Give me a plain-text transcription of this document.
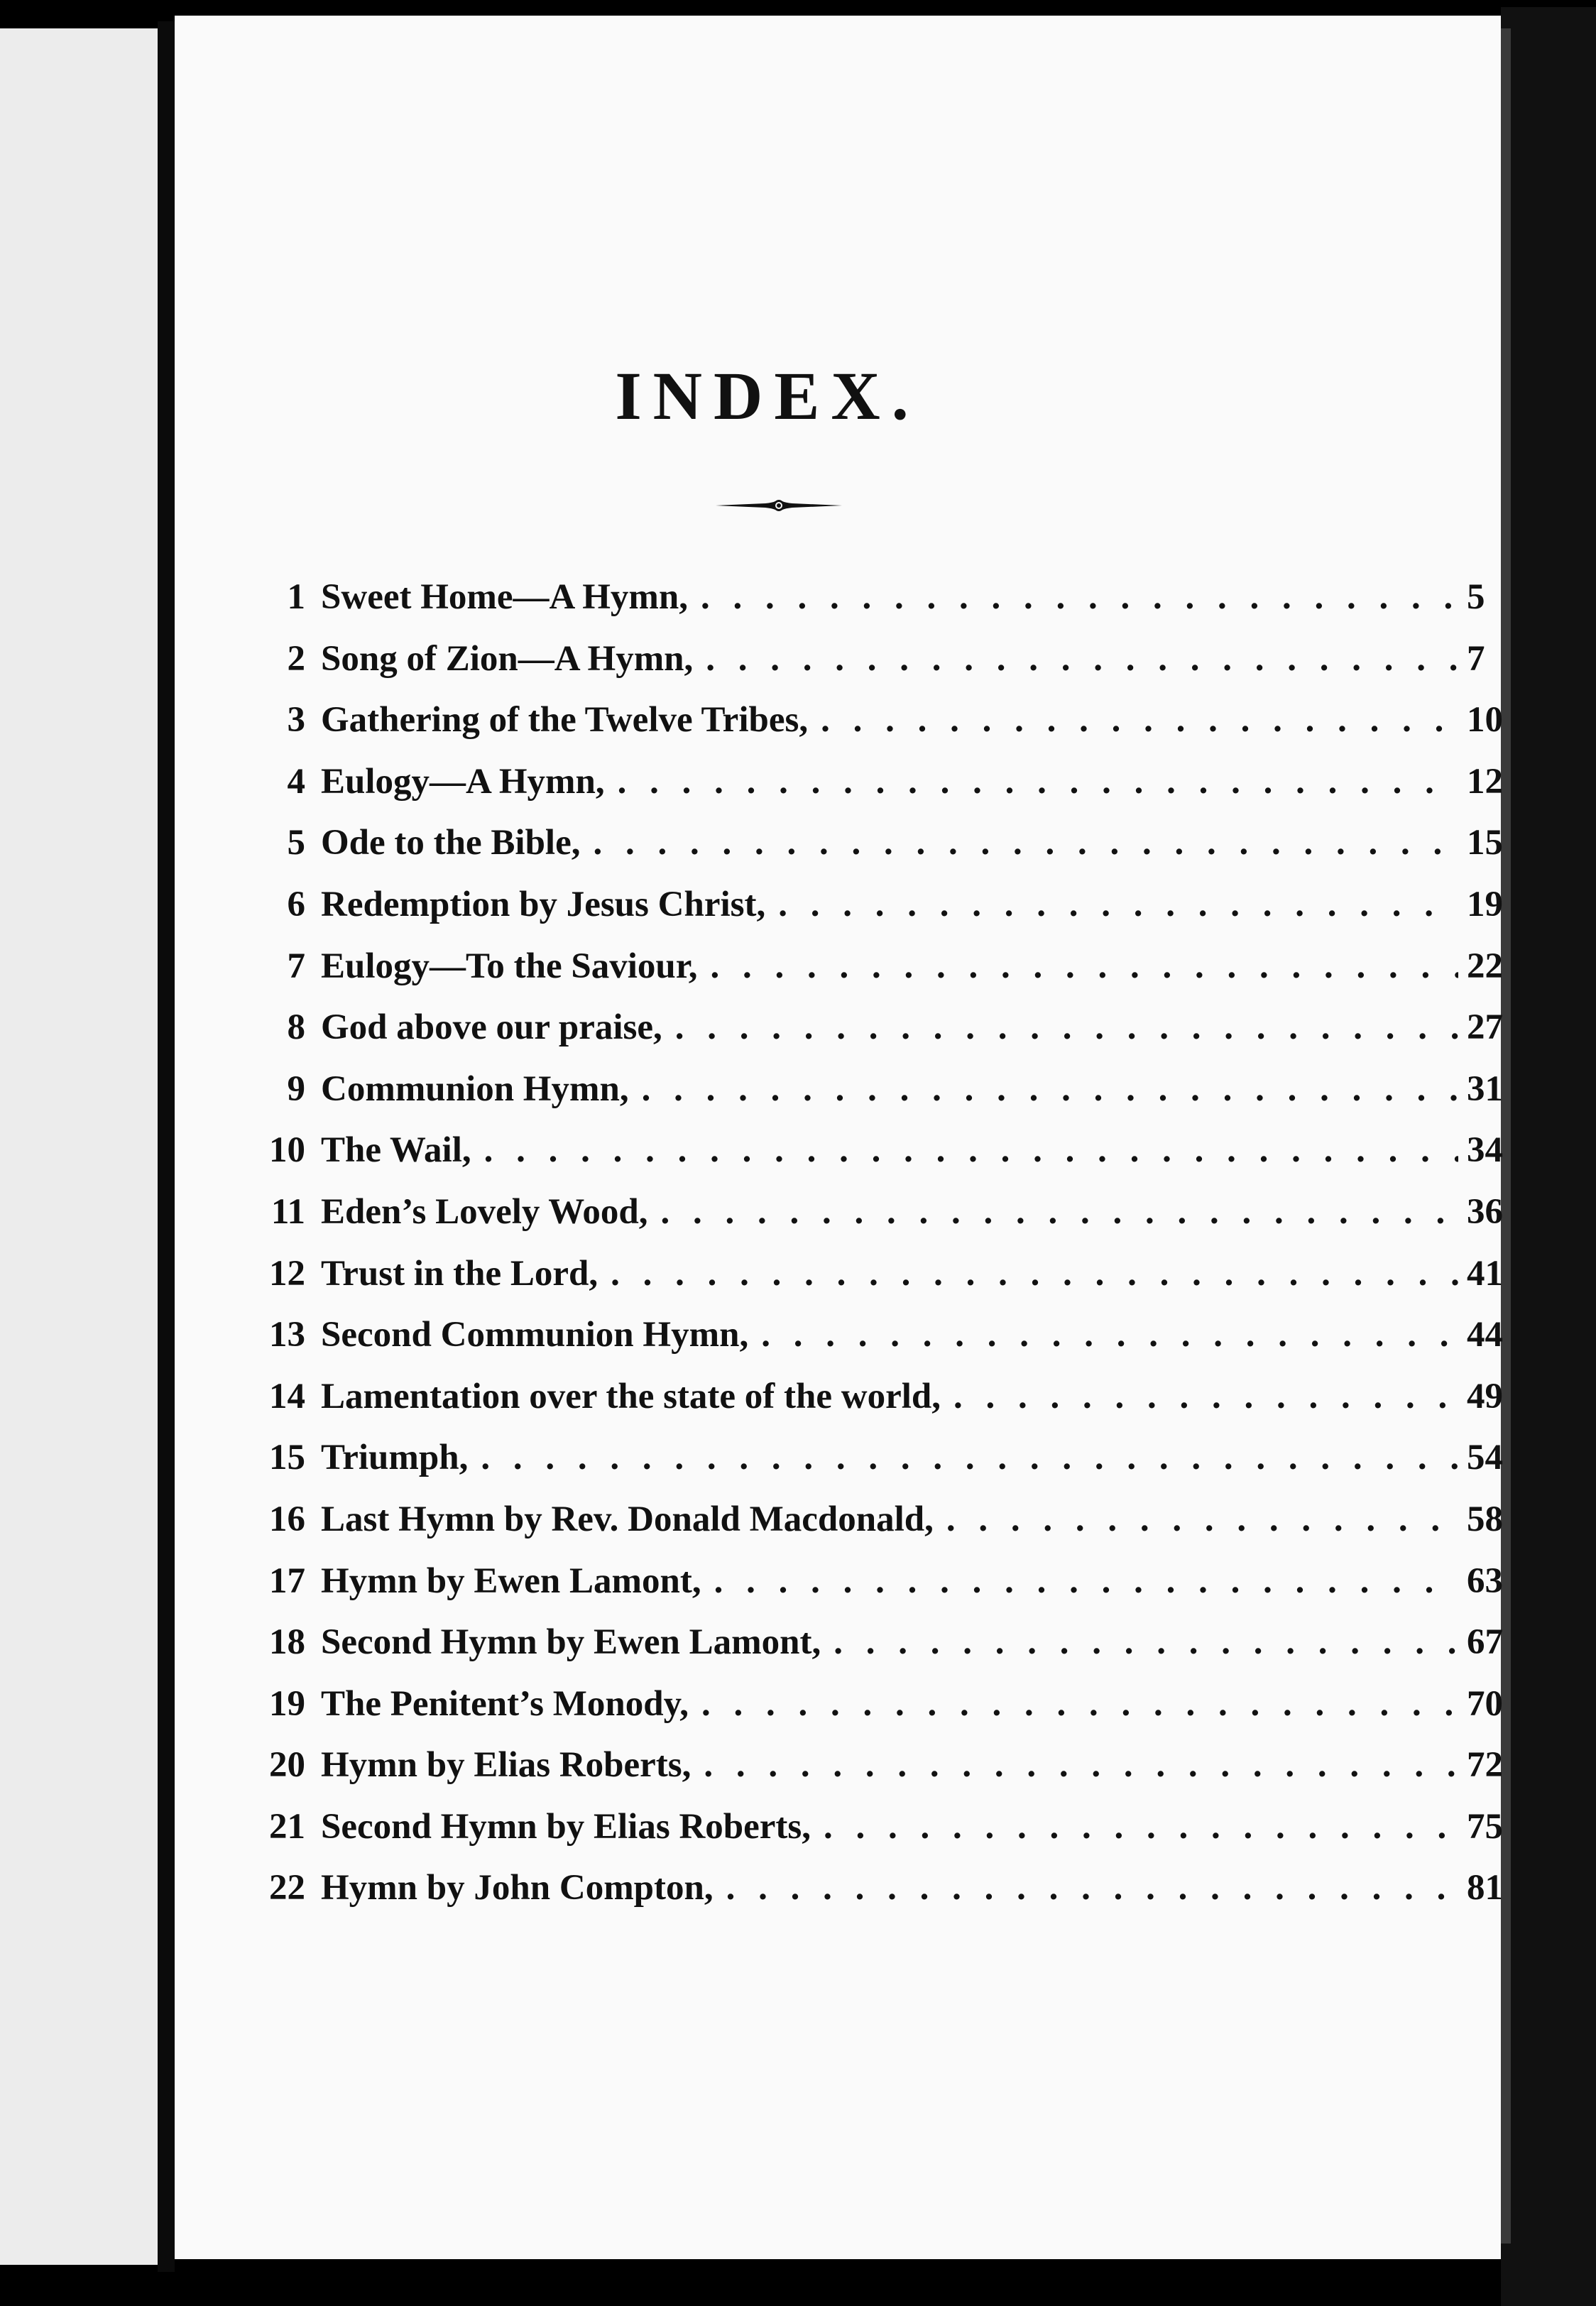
INDEX.
1 Sweet Home—A Hymn, . . .	5
2 Song of Zion—A Hymn, . . .	7
3 Gathering of the Twelve Tribes, . . .	10
4 Eulogy—A Hymn, . . .	12
5 Ode to the Bible, . . .	15
6 Redemption by Jesus Christ, . . .	19
7 Eulogy—To the Saviour, . . .	22
8 God above our praise, . . .	27
9 Communion Hymn, . . .	31
10 The Wail, . . .	34
11 Eden’s Lovely Wood, . . .	36
12 Trust in the Lord, . . .	41
13 Second Communion Hymn, . . .	44
14 Lamentation over the state of the world, . . .	49
15 Triumph, . . .	54
16 Last Hymn by Rev. Donald Macdonald, . . .	58
17 Hymn by Ewen Lamont, . . .	63
18 Second Hymn by Ewen Lamont, . . .	67
19 The Penitent’s Monody, . . .	70
20 Hymn by Elias Roberts, . . .	72
21 Second Hymn by Elias Roberts, . . .	75
22 Hymn by John Compton, . . .	81
